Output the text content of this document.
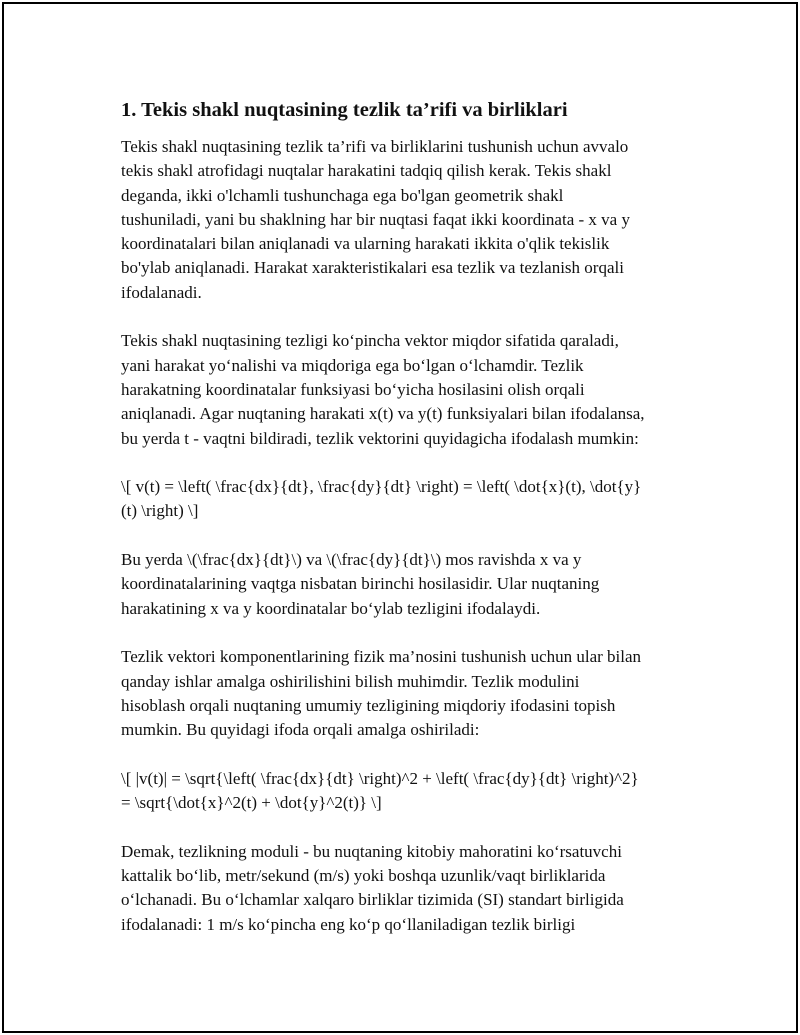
1. Tekis shakl nuqtasining tezlik ta’rifi va birliklari

Tekis shakl nuqtasining tezlik ta’rifi va birliklarini tushunish uchun avvalo
tekis shakl atrofidagi nuqtalar harakatini tadqiq qilish kerak. Tekis shakl
deganda, ikki o'lchamli tushunchaga ega bo'lgan geometrik shakl
tushuniladi, yani bu shaklning har bir nuqtasi faqat ikki koordinata - x va y
koordinatalari bilan aniqlanadi va ularning harakati ikkita o'qlik tekislik
bo'ylab aniqlanadi. Harakat xarakteristikalari esa tezlik va tezlanish orqali
ifodalanadi.

Tekis shakl nuqtasining tezligi ko‘pincha vektor miqdor sifatida qaraladi,
yani harakat yo‘nalishi va miqdoriga ega bo‘lgan o‘lchamdir. Tezlik
harakatning koordinatalar funksiyasi bo‘yicha hosilasini olish orqali
aniqlanadi. Agar nuqtaning harakati x(t) va y(t) funksiyalari bilan ifodalansa,
bu yerda t - vaqtni bildiradi, tezlik vektorini quyidagicha ifodalash mumkin:

\[ v(t) = \left( \frac{dx}{dt}, \frac{dy}{dt} \right) = \left( \dot{x}(t), \dot{y}
(t) \right) \]

Bu yerda \(\frac{dx}{dt}\) va \(\frac{dy}{dt}\) mos ravishda x va y
koordinatalarining vaqtga nisbatan birinchi hosilasidir. Ular nuqtaning
harakatining x va y koordinatalar bo‘ylab tezligini ifodalaydi.

Tezlik vektori komponentlarining fizik ma’nosini tushunish uchun ular bilan
qanday ishlar amalga oshirilishini bilish muhimdir. Tezlik modulini
hisoblash orqali nuqtaning umumiy tezligining miqdoriy ifodasini topish
mumkin. Bu quyidagi ifoda orqali amalga oshiriladi:

\[ |v(t)| = \sqrt{\left( \frac{dx}{dt} \right)^2 + \left( \frac{dy}{dt} \right)^2}
= \sqrt{\dot{x}^2(t) + \dot{y}^2(t)} \]

Demak, tezlikning moduli - bu nuqtaning kitobiy mahoratini ko‘rsatuvchi
kattalik bo‘lib, metr/sekund (m/s) yoki boshqa uzunlik/vaqt birliklarida
o‘lchanadi. Bu o‘lchamlar xalqaro birliklar tizimida (SI) standart birligida
ifodalanadi: 1 m/s ko‘pincha eng ko‘p qo‘llaniladigan tezlik birligi
